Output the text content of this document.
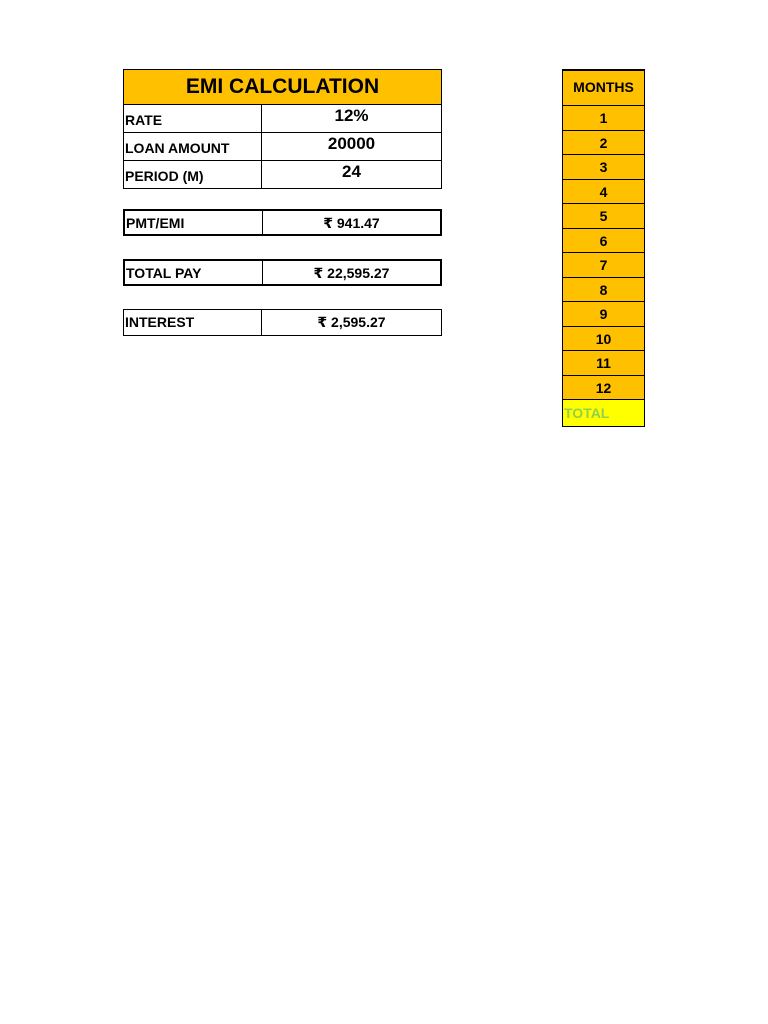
EMI CALCULATION
RATE	12%
LOAN AMOUNT	20000
PERIOD (M)	24
PMT/EMI	₹ 941.47
TOTAL PAY	₹ 22,595.27
INTEREST	₹ 2,595.27
MONTHS
1
2
3
4
5
6
7
8
9
10
11
12
TOTAL
